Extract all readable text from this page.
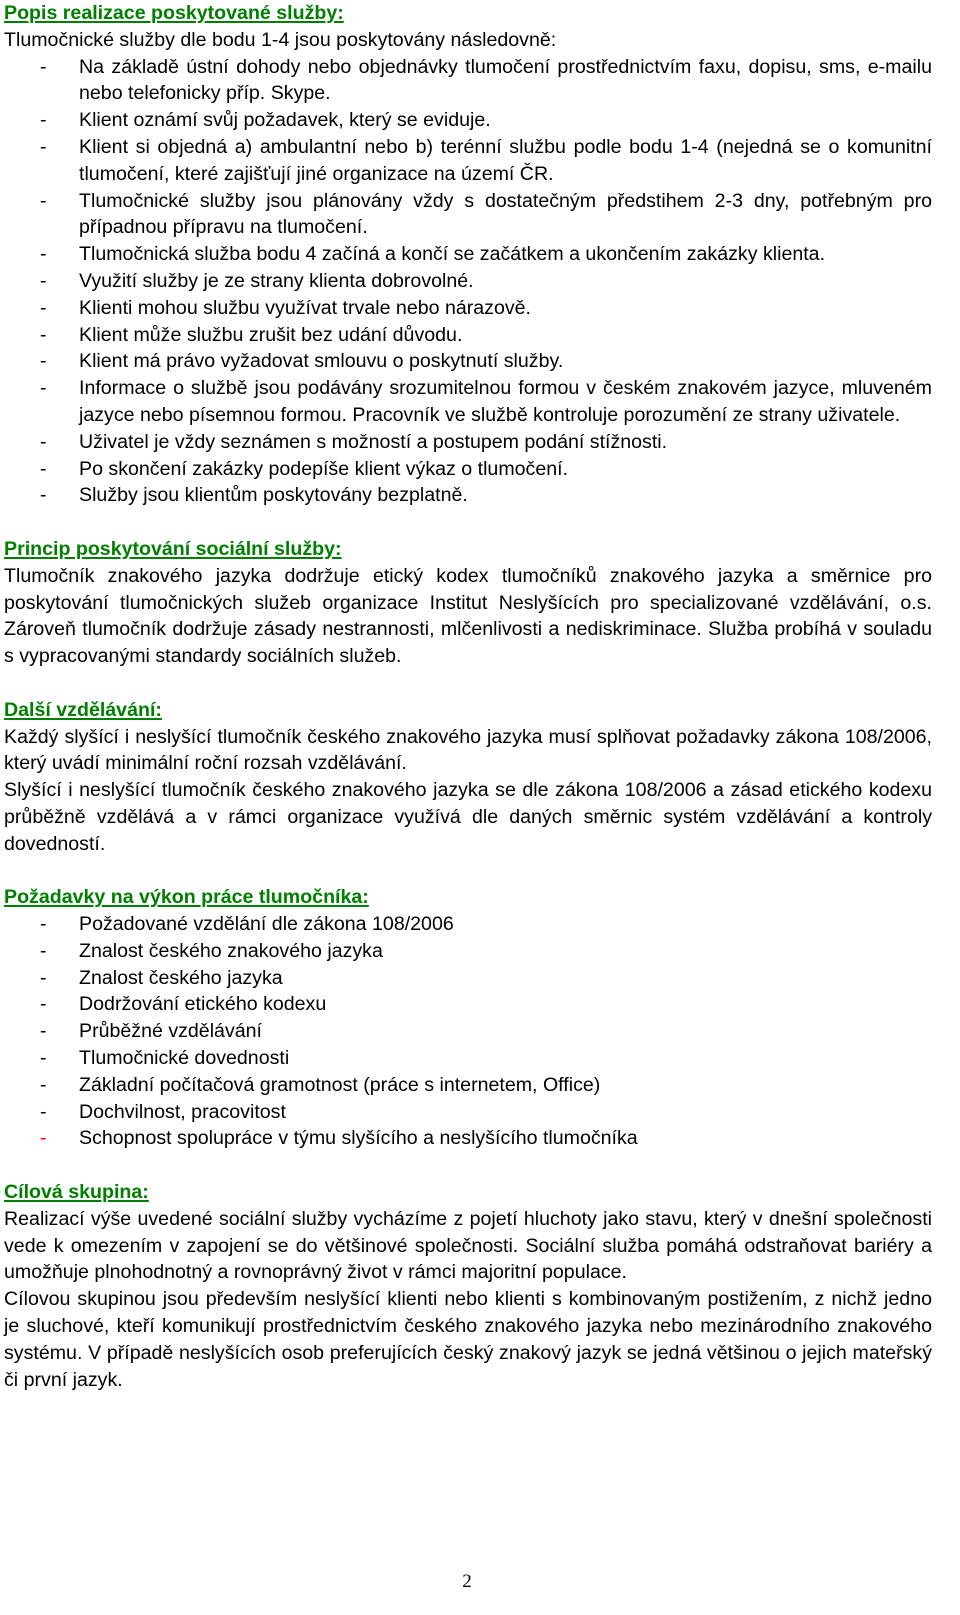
Popis realizace poskytované služby:
Tlumočnické služby dle bodu 1-4 jsou poskytovány následovně:
- Na základě ústní dohody nebo objednávky tlumočení prostřednictvím faxu, dopisu, sms, e-mailu nebo telefonicky příp. Skype.
- Klient oznámí svůj požadavek, který se eviduje.
- Klient si objedná a) ambulantní nebo b) terénní službu podle bodu 1-4 (nejedná se o komunitní tlumočení, které zajišťují jiné organizace na území ČR.
- Tlumočnické služby jsou plánovány vždy s dostatečným předstihem 2-3 dny, potřebným pro případnou přípravu na tlumočení.
- Tlumočnická služba bodu 4 začíná a končí se začátkem a ukončením zakázky klienta.
- Využití služby je ze strany klienta dobrovolné.
- Klienti mohou službu využívat trvale nebo nárazově.
- Klient může službu zrušit bez udání důvodu.
- Klient má právo vyžadovat smlouvu o poskytnutí služby.
- Informace o službě jsou podávány srozumitelnou formou v českém znakovém jazyce, mluveném jazyce nebo písemnou formou. Pracovník ve službě kontroluje porozumění ze strany uživatele.
- Uživatel je vždy seznámen s možností a postupem podání stížnosti.
- Po skončení zakázky podepíše klient výkaz o tlumočení.
- Služby jsou klientům poskytovány bezplatně.
Princip poskytování sociální služby:
Tlumočník znakového jazyka dodržuje etický kodex tlumočníků znakového jazyka a směrnice pro poskytování tlumočnických služeb organizace Institut Neslyšících pro specializované vzdělávání, o.s. Zároveň tlumočník dodržuje zásady nestrannosti, mlčenlivosti a nediskriminace. Služba probíhá v souladu s vypracovanými standardy sociálních služeb.
Další vzdělávání:
Každý slyšící i neslyšící tlumočník českého znakového jazyka musí splňovat požadavky zákona 108/2006, který uvádí minimální roční rozsah vzdělávání.
Slyšící i neslyšící tlumočník českého znakového jazyka se dle zákona 108/2006 a zásad etického kodexu průběžně vzdělává a v rámci organizace využívá dle daných směrnic systém vzdělávání a kontroly dovedností.
Požadavky na výkon práce tlumočníka:
- Požadované vzdělání dle zákona 108/2006
- Znalost českého znakového jazyka
- Znalost českého jazyka
- Dodržování etického kodexu
- Průběžné vzdělávání
- Tlumočnické dovednosti
- Základní počítačová gramotnost (práce s internetem, Office)
- Dochvilnost, pracovitost
- Schopnost spolupráce v týmu slyšícího a neslyšícího tlumočníka
Cílová skupina:
Realizací výše uvedené sociální služby vycházíme z pojetí hluchoty jako stavu, který v dnešní společnosti vede k omezením v zapojení se do většinové společnosti. Sociální služba pomáhá odstraňovat bariéry a umožňuje plnohodnotný a rovnoprávný život v rámci majoritní populace.
Cílovou skupinou jsou především neslyšící klienti nebo klienti s kombinovaným postižením, z nichž jedno je sluchové, kteří komunikují prostřednictvím českého znakového jazyka nebo mezinárodního znakového systému. V případě neslyšících osob preferujících český znakový jazyk se jedná většinou o jejich mateřský či první jazyk.
2
